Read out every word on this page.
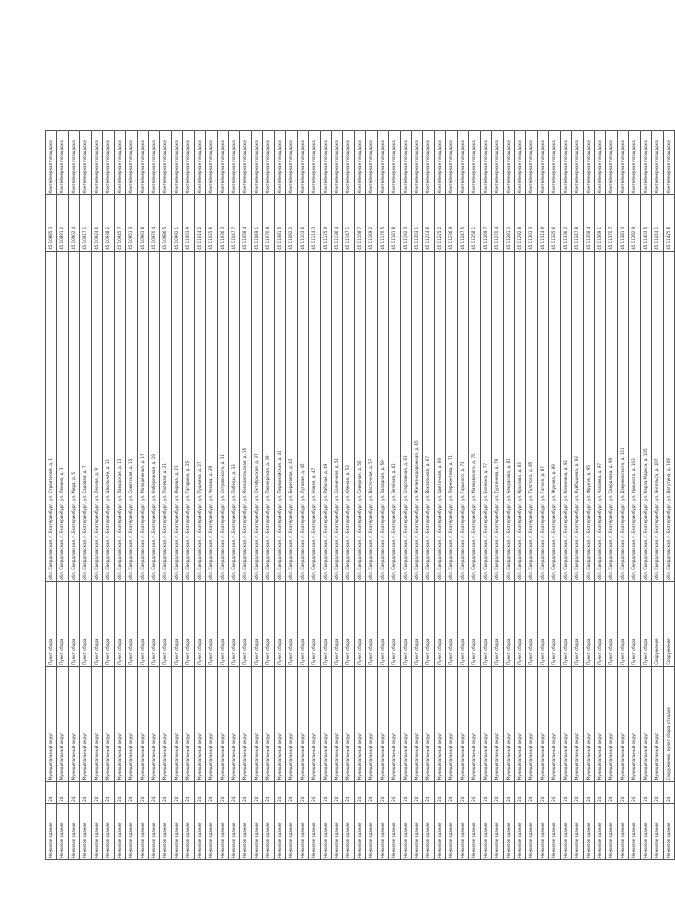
Нежилое здание	24	Муниципальный округ	Пункт сбора	обл. Свердловская, г. Екатеринбург, ул. Строителей, д. 1	45 10885 3	Контейнерная площадка
Нежилое здание	24	Муниципальный округ	Пункт сбора	обл. Свердловская, г. Екатеринбург, ул. Ленина, д. 3	45 10891 2	Контейнерная площадка
Нежилое здание	24	Муниципальный округ	Пункт сбора	обл. Свердловская, г. Екатеринбург, ул. Мира, д. 5	45 10902 4	Контейнерная площадка
Нежилое здание	24	Муниципальный округ	Пункт сбора	обл. Свердловская, г. Екатеринбург, ул. Садовая, д. 7	45 10917 1	Контейнерная площадка
Нежилое здание	24	Муниципальный округ	Пункт сбора	обл. Свердловская, г. Екатеринбург, ул. Лесная, д. 9	45 10924 6	Контейнерная площадка
Нежилое здание	24	Муниципальный округ	Пункт сбора	обл. Свердловская, г. Екатеринбург, ул. Школьная, д. 11	45 10938 2	Контейнерная площадка
Нежилое здание	24	Муниципальный округ	Пункт сбора	обл. Свердловская, г. Екатеринбург, ул. Заводская, д. 13	45 10945 7	Контейнерная площадка
Нежилое здание	24	Муниципальный округ	Пункт сбора	обл. Свердловская, г. Екатеринбург, ул. Советская, д. 15	45 10951 3	Контейнерная площадка
Нежилое здание	24	Муниципальный округ	Пункт сбора	обл. Свердловская, г. Екатеринбург, ул. Молодёжная, д. 17	45 10963 8	Контейнерная площадка
Нежилое здание	24	Муниципальный округ	Пункт сбора	обл. Свердловская, г. Екатеринбург, ул. Набережная, д. 19	45 10970 4	Контейнерная площадка
Нежилое здание	24	Муниципальный округ	Пункт сбора	обл. Свердловская, г. Екатеринбург, ул. Полевая, д. 21	45 10986 5	Контейнерная площадка
Нежилое здание	24	Муниципальный округ	Пункт сбора	обл. Свердловская, г. Екатеринбург, ул. Кирова, д. 23	45 10992 1	Контейнерная площадка
Нежилое здание	24	Муниципальный округ	Пункт сбора	обл. Свердловская, г. Екатеринбург, ул. Гагарина, д. 25	45 11003 9	Контейнерная площадка
Нежилое здание	24	Муниципальный округ	Пункт сбора	обл. Свердловская, г. Екатеринбург, ул. Пушкина, д. 27	45 11014 2	Контейнерная площадка
Нежилое здание	24	Муниципальный округ	Пункт сбора	обл. Свердловская, г. Екатеринбург, ул. Чехова, д. 29	45 11025 6	Контейнерная площадка
Нежилое здание	24	Муниципальный округ	Пункт сбора	обл. Свердловская, г. Екатеринбург, ул. Островского, д. 31	45 11036 3	Контейнерная площадка
Нежилое здание	24	Муниципальный округ	Пункт сбора	обл. Свердловская, г. Екатеринбург, ул. Победы, д. 33	45 11047 7	Контейнерная площадка
Нежилое здание	24	Муниципальный округ	Пункт сбора	обл. Свердловская, г. Екатеринбург, ул. Комсомольская, д. 35	45 11058 4	Контейнерная площадка
Нежилое здание	24	Муниципальный округ	Пункт сбора	обл. Свердловская, г. Екатеринбург, ул. Октябрьская, д. 37	45 11069 1	Контейнерная площадка
Нежилое здание	24	Муниципальный округ	Пункт сбора	обл. Свердловская, г. Екатеринбург, ул. Пионерская, д. 39	45 11070 8	Контейнерная площадка
Нежилое здание	24	Муниципальный округ	Пункт сбора	обл. Свердловская, г. Екатеринбург, ул. Первомайская, д. 41	45 11081 5	Контейнерная площадка
Нежилое здание	24	Муниципальный округ	Пункт сбора	обл. Свердловская, г. Екатеринбург, ул. Береговая, д. 43	45 11092 2	Контейнерная площадка
Нежилое здание	24	Муниципальный округ	Пункт сбора	обл. Свердловская, г. Екатеринбург, ул. Луговая, д. 45	45 11103 6	Контейнерная площадка
Нежилое здание	24	Муниципальный округ	Пункт сбора	обл. Свердловская, г. Екатеринбург, ул. Новая, д. 47	45 11114 3	Контейнерная площадка
Нежилое здание	24	Муниципальный округ	Пункт сбора	обл. Свердловская, г. Екатеринбург, ул. Рабочая, д. 49	45 11125 9	Контейнерная площадка
Нежилое здание	24	Муниципальный округ	Пункт сбора	обл. Свердловская, г. Екатеринбург, ул. Солнечная, д. 51	45 11136 4	Контейнерная площадка
Нежилое здание	24	Муниципальный округ	Пункт сбора	обл. Свердловская, г. Екатеринбург, ул. Южная, д. 53	45 11147 1	Контейнерная площадка
Нежилое здание	24	Муниципальный округ	Пункт сбора	обл. Свердловская, г. Екатеринбург, ул. Северная, д. 55	45 11158 7	Контейнерная площадка
Нежилое здание	24	Муниципальный округ	Пункт сбора	обл. Свердловская, г. Екатеринбург, ул. Восточная, д. 57	45 11169 2	Контейнерная площадка
Нежилое здание	24	Муниципальный округ	Пункт сбора	обл. Свердловская, г. Екатеринбург, ул. Западная, д. 59	45 11170 5	Контейнерная площадка
Нежилое здание	24	Муниципальный округ	Пункт сбора	обл. Свердловская, г. Екатеринбург, ул. Зелёная, д. 61	45 11181 8	Контейнерная площадка
Нежилое здание	24	Муниципальный округ	Пункт сбора	обл. Свердловская, г. Екатеринбург, ул. Спортивная, д. 63	45 11192 3	Контейнерная площадка
Нежилое здание	24	Муниципальный округ	Пункт сбора	обл. Свердловская, г. Екатеринбург, ул. Железнодорожная, д. 65	45 11203 1	Контейнерная площадка
Нежилое здание	24	Муниципальный округ	Пункт сбора	обл. Свердловская, г. Екатеринбург, ул. Вокзальная, д. 67	45 11214 6	Контейнерная площадка
Нежилое здание	24	Муниципальный округ	Пункт сбора	обл. Свердловская, г. Екатеринбург, ул. Цветочная, д. 69	45 11225 2	Контейнерная площадка
Нежилое здание	24	Муниципальный округ	Пункт сбора	обл. Свердловская, г. Екатеринбург, ул. Лермонтова, д. 71	45 11236 9	Контейнерная площадка
Нежилое здание	24	Муниципальный округ	Пункт сбора	обл. Свердловская, г. Екатеринбург, ул. Горького, д. 73	45 11247 5	Контейнерная площадка
Нежилое здание	24	Муниципальный округ	Пункт сбора	обл. Свердловская, г. Екатеринбург, ул. Маяковского, д. 75	45 11258 1	Контейнерная площадка
Нежилое здание	24	Муниципальный округ	Пункт сбора	обл. Свердловская, г. Екатеринбург, ул. Есенина, д. 77	45 11269 7	Контейнерная площадка
Нежилое здание	24	Муниципальный округ	Пункт сбора	обл. Свердловская, г. Екатеринбург, ул. Тургенева, д. 79	45 11270 4	Контейнерная площадка
Нежилое здание	24	Муниципальный округ	Пункт сбора	обл. Свердловская, г. Екатеринбург, ул. Некрасова, д. 81	45 11281 2	Контейнерная площадка
Нежилое здание	24	Муниципальный округ	Пункт сбора	обл. Свердловская, г. Екатеринбург, ул. Крылова, д. 83	45 11292 8	Контейнерная площадка
Нежилое здание	24	Муниципальный округ	Пункт сбора	обл. Свердловская, г. Екатеринбург, ул. Толстого, д. 85	45 11303 3	Контейнерная площадка
Нежилое здание	24	Муниципальный округ	Пункт сбора	обл. Свердловская, г. Екатеринбург, ул. Гоголя, д. 87	45 11314 9	Контейнерная площадка
Нежилое здание	24	Муниципальный округ	Пункт сбора	обл. Свердловская, г. Екатеринбург, ул. Жукова, д. 89	45 11325 6	Контейнерная площадка
Нежилое здание	24	Муниципальный округ	Пункт сбора	обл. Свердловская, г. Екатеринбург, ул. Калинина, д. 91	45 11336 2	Контейнерная площадка
Нежилое здание	24	Муниципальный округ	Пункт сбора	обл. Свердловская, г. Екатеринбург, ул. Куйбышева, д. 93	45 11347 8	Контейнерная площадка
Нежилое здание	24	Муниципальный округ	Пункт сбора	обл. Свердловская, г. Екатеринбург, ул. Фрунзе, д. 95	45 11358 4	Контейнерная площадка
Нежилое здание	24	Муниципальный округ	Пункт сбора	обл. Свердловская, г. Екатеринбург, ул. Чапаева, д. 97	45 11369 1	Контейнерная площадка
Нежилое здание	24	Муниципальный округ	Пункт сбора	обл. Свердловская, г. Екатеринбург, ул. Свердлова, д. 99	45 11370 7	Контейнерная площадка
Нежилое здание	24	Муниципальный округ	Пункт сбора	обл. Свердловская, г. Екатеринбург, ул. Дзержинского, д. 101	45 11381 3	Контейнерная площадка
Нежилое здание	24	Муниципальный округ	Пункт сбора	обл. Свердловская, г. Екатеринбург, ул. Урицкого, д. 103	45 11392 9	Контейнерная площадка
Нежилое здание	24	Муниципальный округ	Пункт сбора	обл. Свердловская, г. Екатеринбург, ул. Карла Маркса, д. 105	45 11403 5	Контейнерная площадка
Нежилое здание	24	Муниципальный округ	Сооружение	обл. Свердловская, г. Екатеринбург, ул. Энгельса, д. 107	45 11414 1	Контейнерная площадка
Нежилое здание	24	Сооружение, пункт сбора отходов	Сооружение	обл. Свердловская, г. Екатеринбург, ул. Ватутина, д. 109	45 11425 8	Контейнерная площадка
